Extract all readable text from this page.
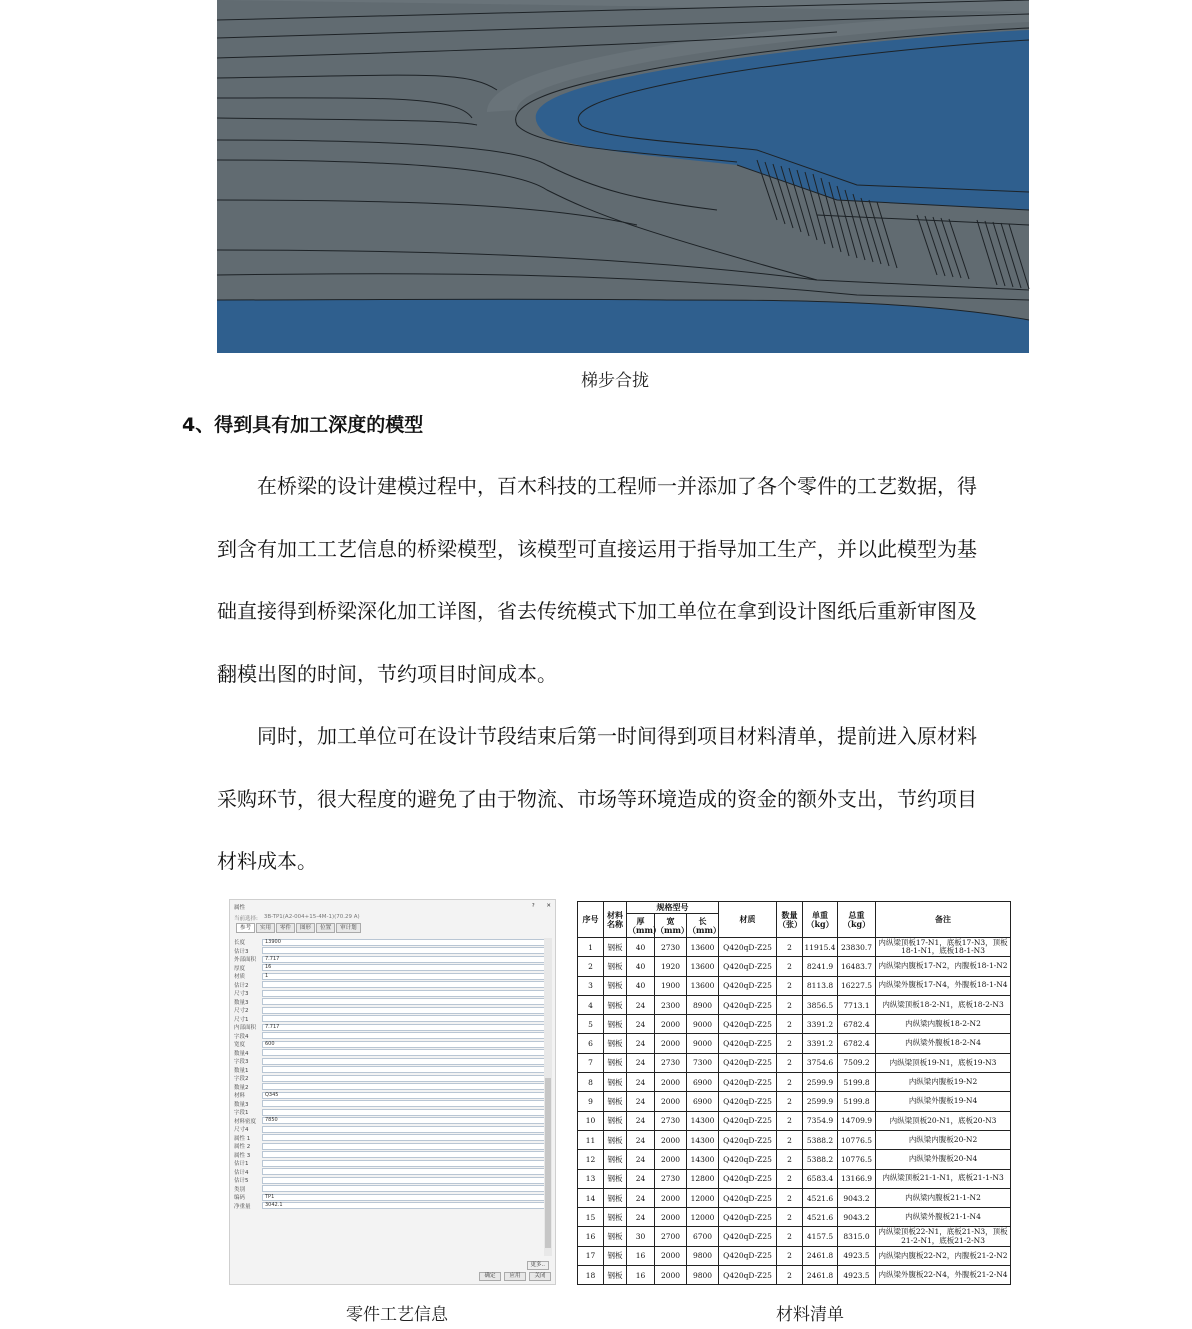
梯步合拢
4、得到具有加工深度的模型
　　在桥梁的设计建模过程中，百木科技的工程师一并添加了各个零件的工艺数据，得
到含有加工工艺信息的桥梁模型，该模型可直接运用于指导加工生产，并以此模型为基
础直接得到桥梁深化加工详图，省去传统模式下加工单位在拿到设计图纸后重新审图及
翻模出图的时间，节约项目时间成本。
　　同时，加工单位可在设计节段结束后第一时间得到项目材料清单，提前进入原材料
采购环节，很大程度的避免了由于物流、市场等环境造成的资金的额外支出，节约项目
材料成本。
属性	? ✕
当前选择: 3B-TP1(A2-004+15-4M-1)(70.29 A)
参考	实用	零件	图形	位置	审计划
长度	13900
估计3
外部面积	7.717
厚度	16
材质	1
估计2
尺寸3
数量3
尺寸2
尺寸1
内部面积	7.717
字段4
宽度	600
数量4
字段3
数量1
字段2
数量2
材料	Q345
数量3
字段1
材料密度	7850
尺寸4
属性 1
属性 2
属性 3
估计1
估计4
估计5
类别
编码	TP1
净重量	3042.1
更多..
确定	应用	关闭
零件工艺信息
序号	材料名称	规格型号			材质	数量（张）	单重（kg）	总重（kg）	备注
		厚（mm）	宽（mm）	长（mm）					
1	钢板	40	2730	13600	Q420qD-Z25	2	11915.4	23830.7	内纵梁顶板17-N1，底板17-N3，顶板18-1-N1，底板18-1-N3
2	钢板	40	1920	13600	Q420qD-Z25	2	8241.9	16483.7	内纵梁内腹板17-N2，内腹板18-1-N2
3	钢板	40	1900	13600	Q420qD-Z25	2	8113.8	16227.5	内纵梁外腹板17-N4，外腹板18-1-N4
4	钢板	24	2300	8900	Q420qD-Z25	2	3856.5	7713.1	内纵梁顶板18-2-N1，底板18-2-N3
5	钢板	24	2000	9000	Q420qD-Z25	2	3391.2	6782.4	内纵梁内腹板18-2-N2
6	钢板	24	2000	9000	Q420qD-Z25	2	3391.2	6782.4	内纵梁外腹板18-2-N4
7	钢板	24	2730	7300	Q420qD-Z25	2	3754.6	7509.2	内纵梁顶板19-N1，底板19-N3
8	钢板	24	2000	6900	Q420qD-Z25	2	2599.9	5199.8	内纵梁内腹板19-N2
9	钢板	24	2000	6900	Q420qD-Z25	2	2599.9	5199.8	内纵梁外腹板19-N4
10	钢板	24	2730	14300	Q420qD-Z25	2	7354.9	14709.9	内纵梁顶板20-N1，底板20-N3
11	钢板	24	2000	14300	Q420qD-Z25	2	5388.2	10776.5	内纵梁内腹板20-N2
12	钢板	24	2000	14300	Q420qD-Z25	2	5388.2	10776.5	内纵梁外腹板20-N4
13	钢板	24	2730	12800	Q420qD-Z25	2	6583.4	13166.9	内纵梁顶板21-1-N1，底板21-1-N3
14	钢板	24	2000	12000	Q420qD-Z25	2	4521.6	9043.2	内纵梁内腹板21-1-N2
15	钢板	24	2000	12000	Q420qD-Z25	2	4521.6	9043.2	内纵梁外腹板21-1-N4
16	钢板	30	2700	6700	Q420qD-Z25	2	4157.5	8315.0	内纵梁顶板22-N1，底板21-N3，顶板21-2-N1，底板21-2-N3
17	钢板	16	2000	9800	Q420qD-Z25	2	2461.8	4923.5	内纵梁内腹板22-N2，内腹板21-2-N2
18	钢板	16	2000	9800	Q420qD-Z25	2	2461.8	4923.5	内纵梁外腹板22-N4，外腹板21-2-N4
材料清单
